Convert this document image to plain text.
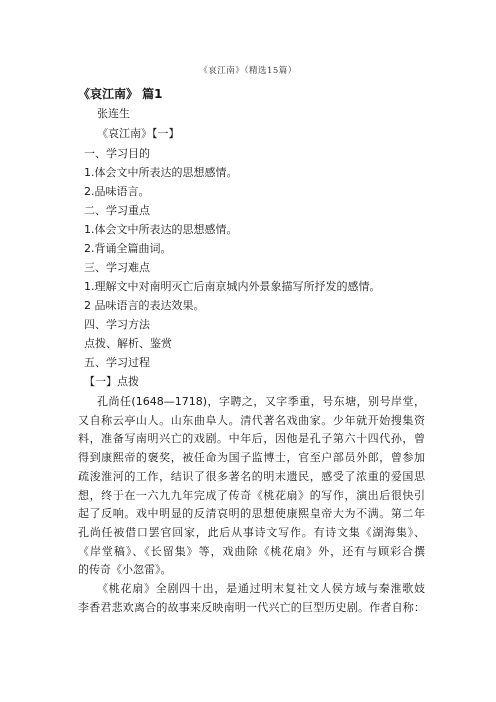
《哀江南》（精选15篇）
《哀江南》 篇1
张连生
《哀江南》【一】
一、学习目的
1.体会文中所表达的思想感情。
2.品味语言。
二、学习重点
1.体会文中所表达的思想感情。
2.背诵全篇曲词。
三、学习难点
1.理解文中对南明灭亡后南京城内外景象描写所抒发的感情。
2 品味语言的表达效果。
四、学习方法
点拨、解析、鉴赏
五、学习过程
【一】点拨
孔尚任(1648—1718)，字聘之，又字季重，号东塘，别号岸堂，
又自称云亭山人。山东曲阜人。清代著名戏曲家。少年就开始搜集资
料，准备写南明兴亡的戏剧。中年后，因他是孔子第六十四代孙，曾
得到康熙帝的褒奖，被任命为国子监博士，官至户部员外郎，曾参加
疏浚淮河的工作，结识了很多著名的明末遗民，感受了浓重的爱国思
想，终于在一六九九年完成了传奇《桃花扇》的写作，演出后很快引
起了反响。戏中明显的反清哀明的思想使康熙皇帝大为不满。第二年
孔尚任被借口罢官回家，此后从事诗文写作。有诗文集《湖海集》、
《岸堂稿》、《长留集》等，戏曲除《桃花扇》外，还有与顾彩合撰
的传奇《小忽雷》。
《桃花扇》全剧四十出，是通过明末复社文人侯方域与秦淮歌妓
李香君悲欢离合的故事来反映南明一代兴亡的巨型历史剧。作者自称：
